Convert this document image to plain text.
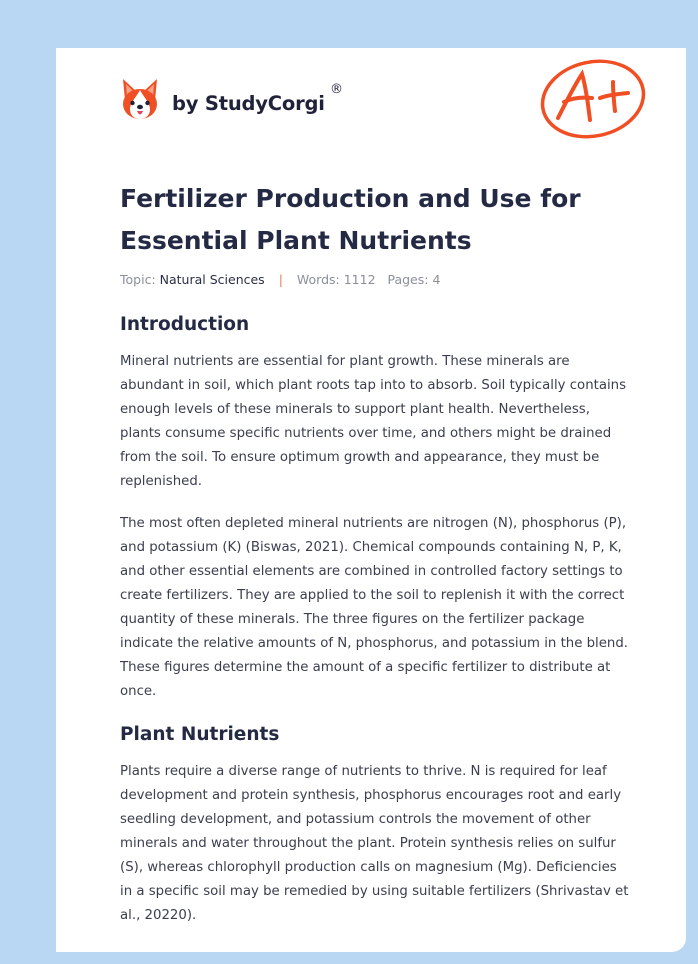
by StudyCorgi
®
Fertilizer Production and Use for Essential Plant Nutrients
Topic: Natural Sciences | Words: 1112 Pages: 4
Introduction

Mineral nutrients are essential for plant growth. These minerals are abundant in soil, which plant roots tap into to absorb. Soil typically contains enough levels of these minerals to support plant health. Nevertheless, plants consume specific nutrients over time, and others might be drained from the soil. To ensure optimum growth and appearance, they must be replenished.

The most often depleted mineral nutrients are nitrogen (N), phosphorus (P), and potassium (K) (Biswas, 2021). Chemical compounds containing N, P, K, and other essential elements are combined in controlled factory settings to create fertilizers. They are applied to the soil to replenish it with the correct quantity of these minerals. The three figures on the fertilizer package indicate the relative amounts of N, phosphorus, and potassium in the blend. These figures determine the amount of a specific fertilizer to distribute at once.

Plant Nutrients

Plants require a diverse range of nutrients to thrive. N is required for leaf development and protein synthesis, phosphorus encourages root and early seedling development, and potassium controls the movement of other minerals and water throughout the plant. Protein synthesis relies on sulfur (S), whereas chlorophyll production calls on magnesium (Mg). Deficiencies in a specific soil may be remedied by using suitable fertilizers (Shrivastav et al., 20220).
